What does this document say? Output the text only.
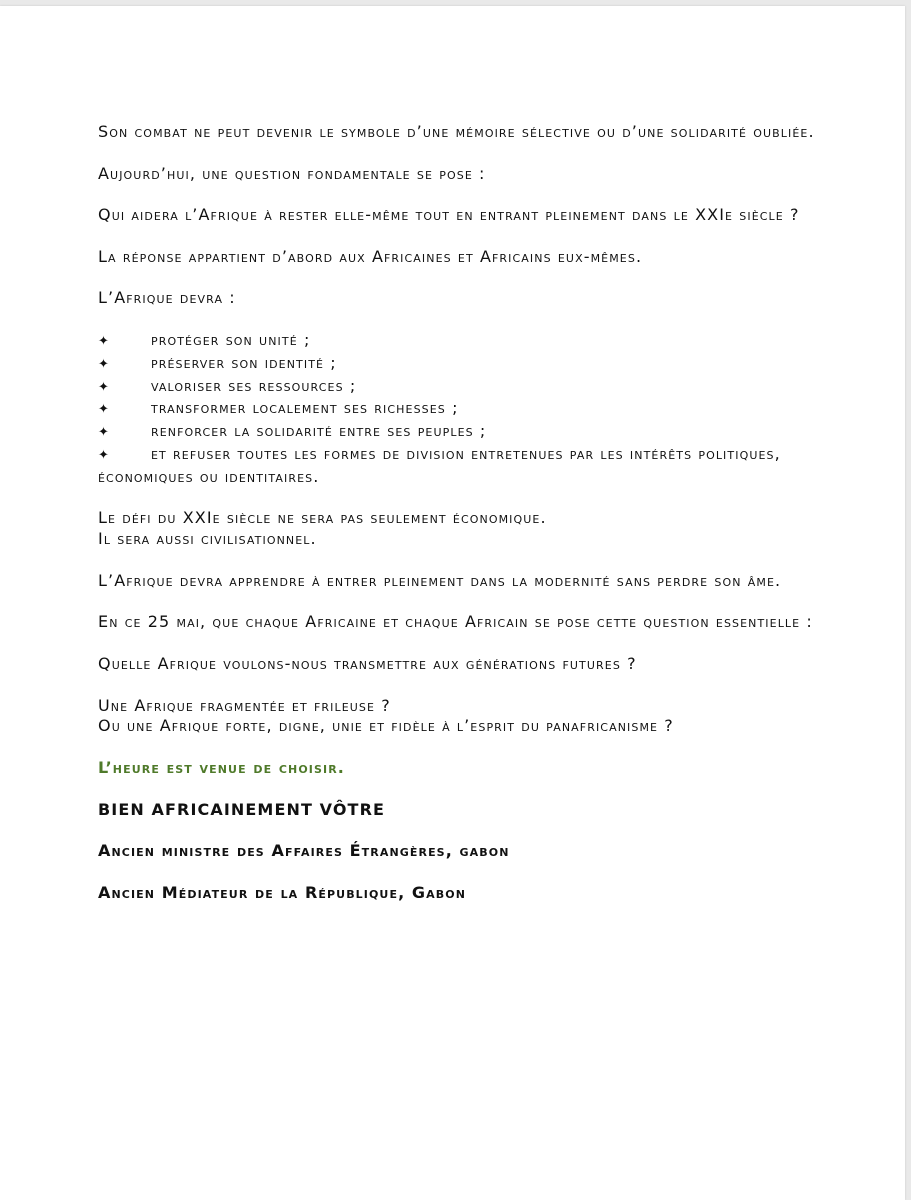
Son combat ne peut devenir le symbole d’une mémoire sélective ou d’une solidarité oubliée.

Aujourd’hui, une question fondamentale se pose :

Qui aidera l’Afrique à rester elle-même tout en entrant pleinement dans le XXIe siècle ?

La réponse appartient d’abord aux Africaines et Africains eux-mêmes.

L’Afrique devra :

✦	protéger son unité ;
✦	préserver son identité ;
✦	valoriser ses ressources ;
✦	transformer localement ses richesses ;
✦	renforcer la solidarité entre ses peuples ;
✦	et refuser toutes les formes de division entretenues par les intérêts politiques, économiques ou identitaires.

Le défi du XXIe siècle ne sera pas seulement économique.
Il sera aussi civilisationnel.

L’Afrique devra apprendre à entrer pleinement dans la modernité sans perdre son âme.

En ce 25 mai, que chaque Africaine et chaque Africain se pose cette question essentielle :

Quelle Afrique voulons-nous transmettre aux générations futures ?

Une Afrique fragmentée et frileuse ?
Ou une Afrique forte, digne, unie et fidèle à l’esprit du panafricanisme ?

L’heure est venue de choisir.

BIEN AFRICAINEMENT VÔTRE

Ancien ministre des Affaires Étrangères, gabon

Ancien Médiateur de la République, Gabon
